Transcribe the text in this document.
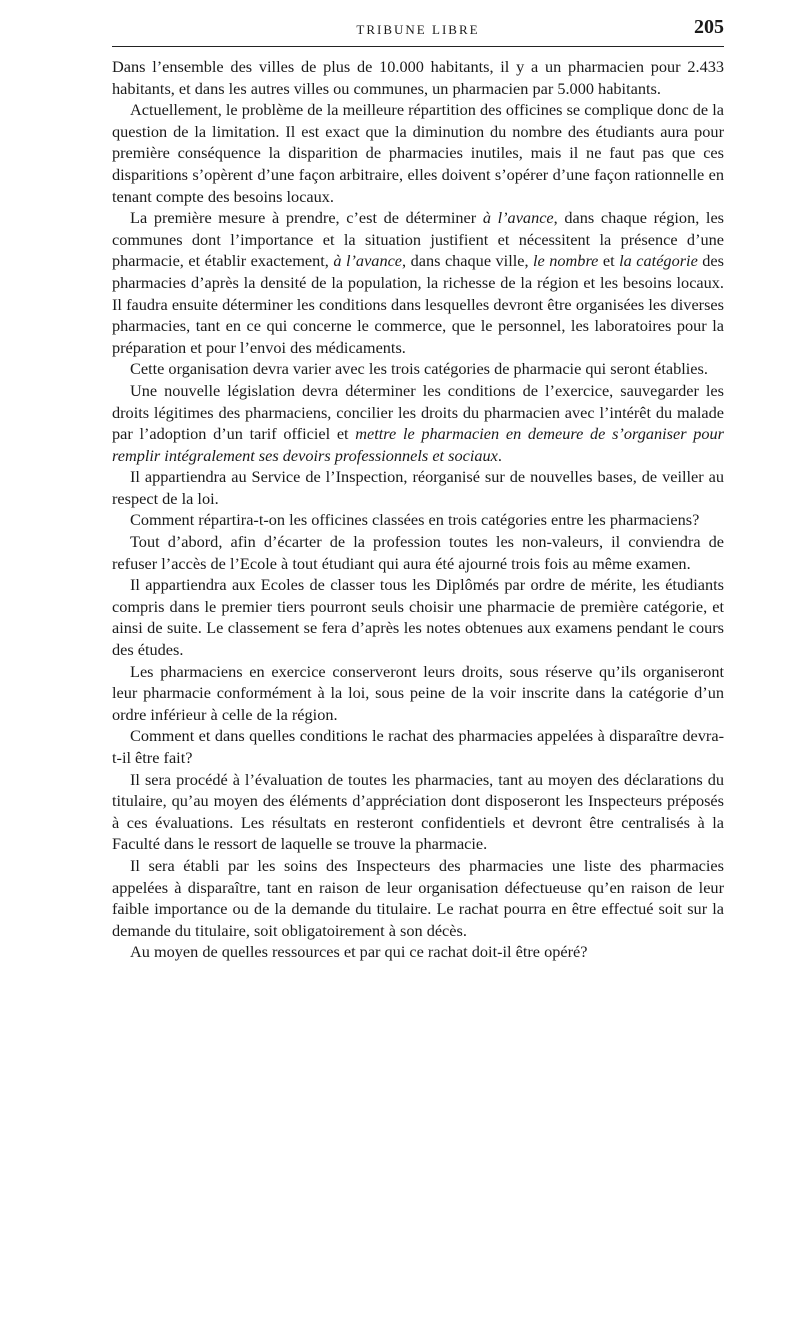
TRIBUNE LIBRE	205

Dans l’ensemble des villes de plus de 10.000 habitants, il y a un pharmacien pour 2.433 habitants, et dans les autres villes ou communes, un pharmacien par 5.000 habitants.

Actuellement, le problème de la meilleure répartition des officines se complique donc de la question de la limitation. Il est exact que la diminution du nombre des étudiants aura pour première conséquence la disparition de pharmacies inutiles, mais il ne faut pas que ces disparitions s’opèrent d’une façon arbitraire, elles doivent s’opérer d’une façon rationnelle en tenant compte des besoins locaux.

La première mesure à prendre, c’est de déterminer à l’avance, dans chaque région, les communes dont l’importance et la situation justifient et nécessitent la présence d’une pharmacie, et établir exactement, à l’avance, dans chaque ville, le nombre et la catégorie des pharmacies d’après la densité de la population, la richesse de la région et les besoins locaux. Il faudra ensuite déterminer les conditions dans lesquelles devront être organisées les diverses pharmacies, tant en ce qui concerne le commerce, que le personnel, les laboratoires pour la préparation et pour l’envoi des médicaments.

Cette organisation devra varier avec les trois catégories de pharmacie qui seront établies.

Une nouvelle législation devra déterminer les conditions de l’exercice, sauvegarder les droits légitimes des pharmaciens, concilier les droits du pharmacien avec l’intérêt du malade par l’adoption d’un tarif officiel et mettre le pharmacien en demeure de s’organiser pour remplir intégralement ses devoirs professionnels et sociaux.

Il appartiendra au Service de l’Inspection, réorganisé sur de nouvelles bases, de veiller au respect de la loi.

Comment répartira-t-on les officines classées en trois catégories entre les pharmaciens?

Tout d’abord, afin d’écarter de la profession toutes les non-valeurs, il conviendra de refuser l’accès de l’Ecole à tout étudiant qui aura été ajourné trois fois au même examen.

Il appartiendra aux Ecoles de classer tous les Diplômés par ordre de mérite, les étudiants compris dans le premier tiers pourront seuls choisir une pharmacie de première catégorie, et ainsi de suite. Le classement se fera d’après les notes obtenues aux examens pendant le cours des études.

Les pharmaciens en exercice conserveront leurs droits, sous réserve qu’ils organiseront leur pharmacie conformément à la loi, sous peine de la voir inscrite dans la catégorie d’un ordre inférieur à celle de la région.

Comment et dans quelles conditions le rachat des pharmacies appelées à disparaître devra-t-il être fait?

Il sera procédé à l’évaluation de toutes les pharmacies, tant au moyen des déclarations du titulaire, qu’au moyen des éléments d’appréciation dont disposeront les Inspecteurs préposés à ces évaluations. Les résultats en resteront confidentiels et devront être centralisés à la Faculté dans le ressort de laquelle se trouve la pharmacie.

Il sera établi par les soins des Inspecteurs des pharmacies une liste des pharmacies appelées à disparaître, tant en raison de leur organisation défectueuse qu’en raison de leur faible importance ou de la demande du titulaire. Le rachat pourra en être effectué soit sur la demande du titulaire, soit obligatoirement à son décès.

Au moyen de quelles ressources et par qui ce rachat doit-il être opéré?
